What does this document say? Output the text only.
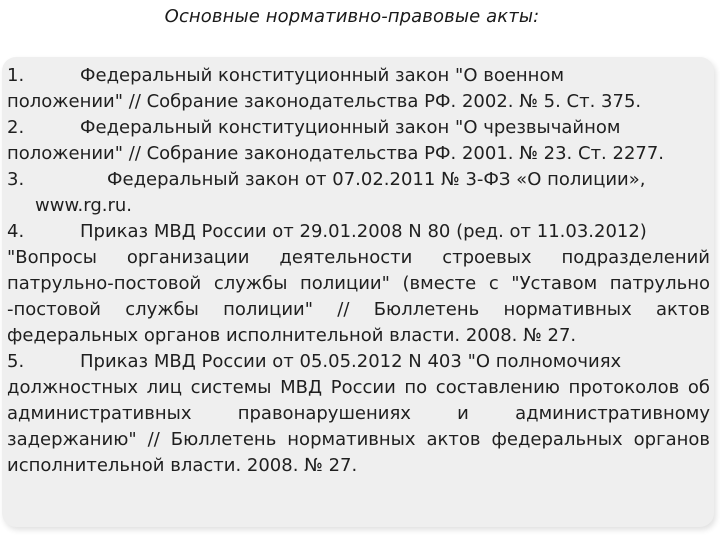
Основные нормативно-правовые акты:
1.	Федеральный конституционный закон "О военном
положении" // Собрание законодательства РФ. 2002. № 5. Ст. 375.
2.	Федеральный конституционный закон "О чрезвычайном
положении" // Собрание законодательства РФ. 2001. № 23. Ст. 2277.
3.	Федеральный закон от 07.02.2011 № 3-ФЗ «О полиции»,
www.rg.ru.
4.	Приказ МВД России от 29.01.2008 N 80 (ред. от 11.03.2012)
"Вопросы организации деятельности строевых подразделений патрульно-постовой службы полиции" (вместе с "Уставом патрульно -постовой службы полиции" // Бюллетень нормативных актов федеральных органов исполнительной власти. 2008. № 27.
5.	Приказ МВД России от 05.05.2012 N 403 "О полномочиях
должностных лиц системы МВД России по составлению протоколов об административных правонарушениях и административному задержанию" // Бюллетень нормативных актов федеральных органов исполнительной власти. 2008. № 27.
